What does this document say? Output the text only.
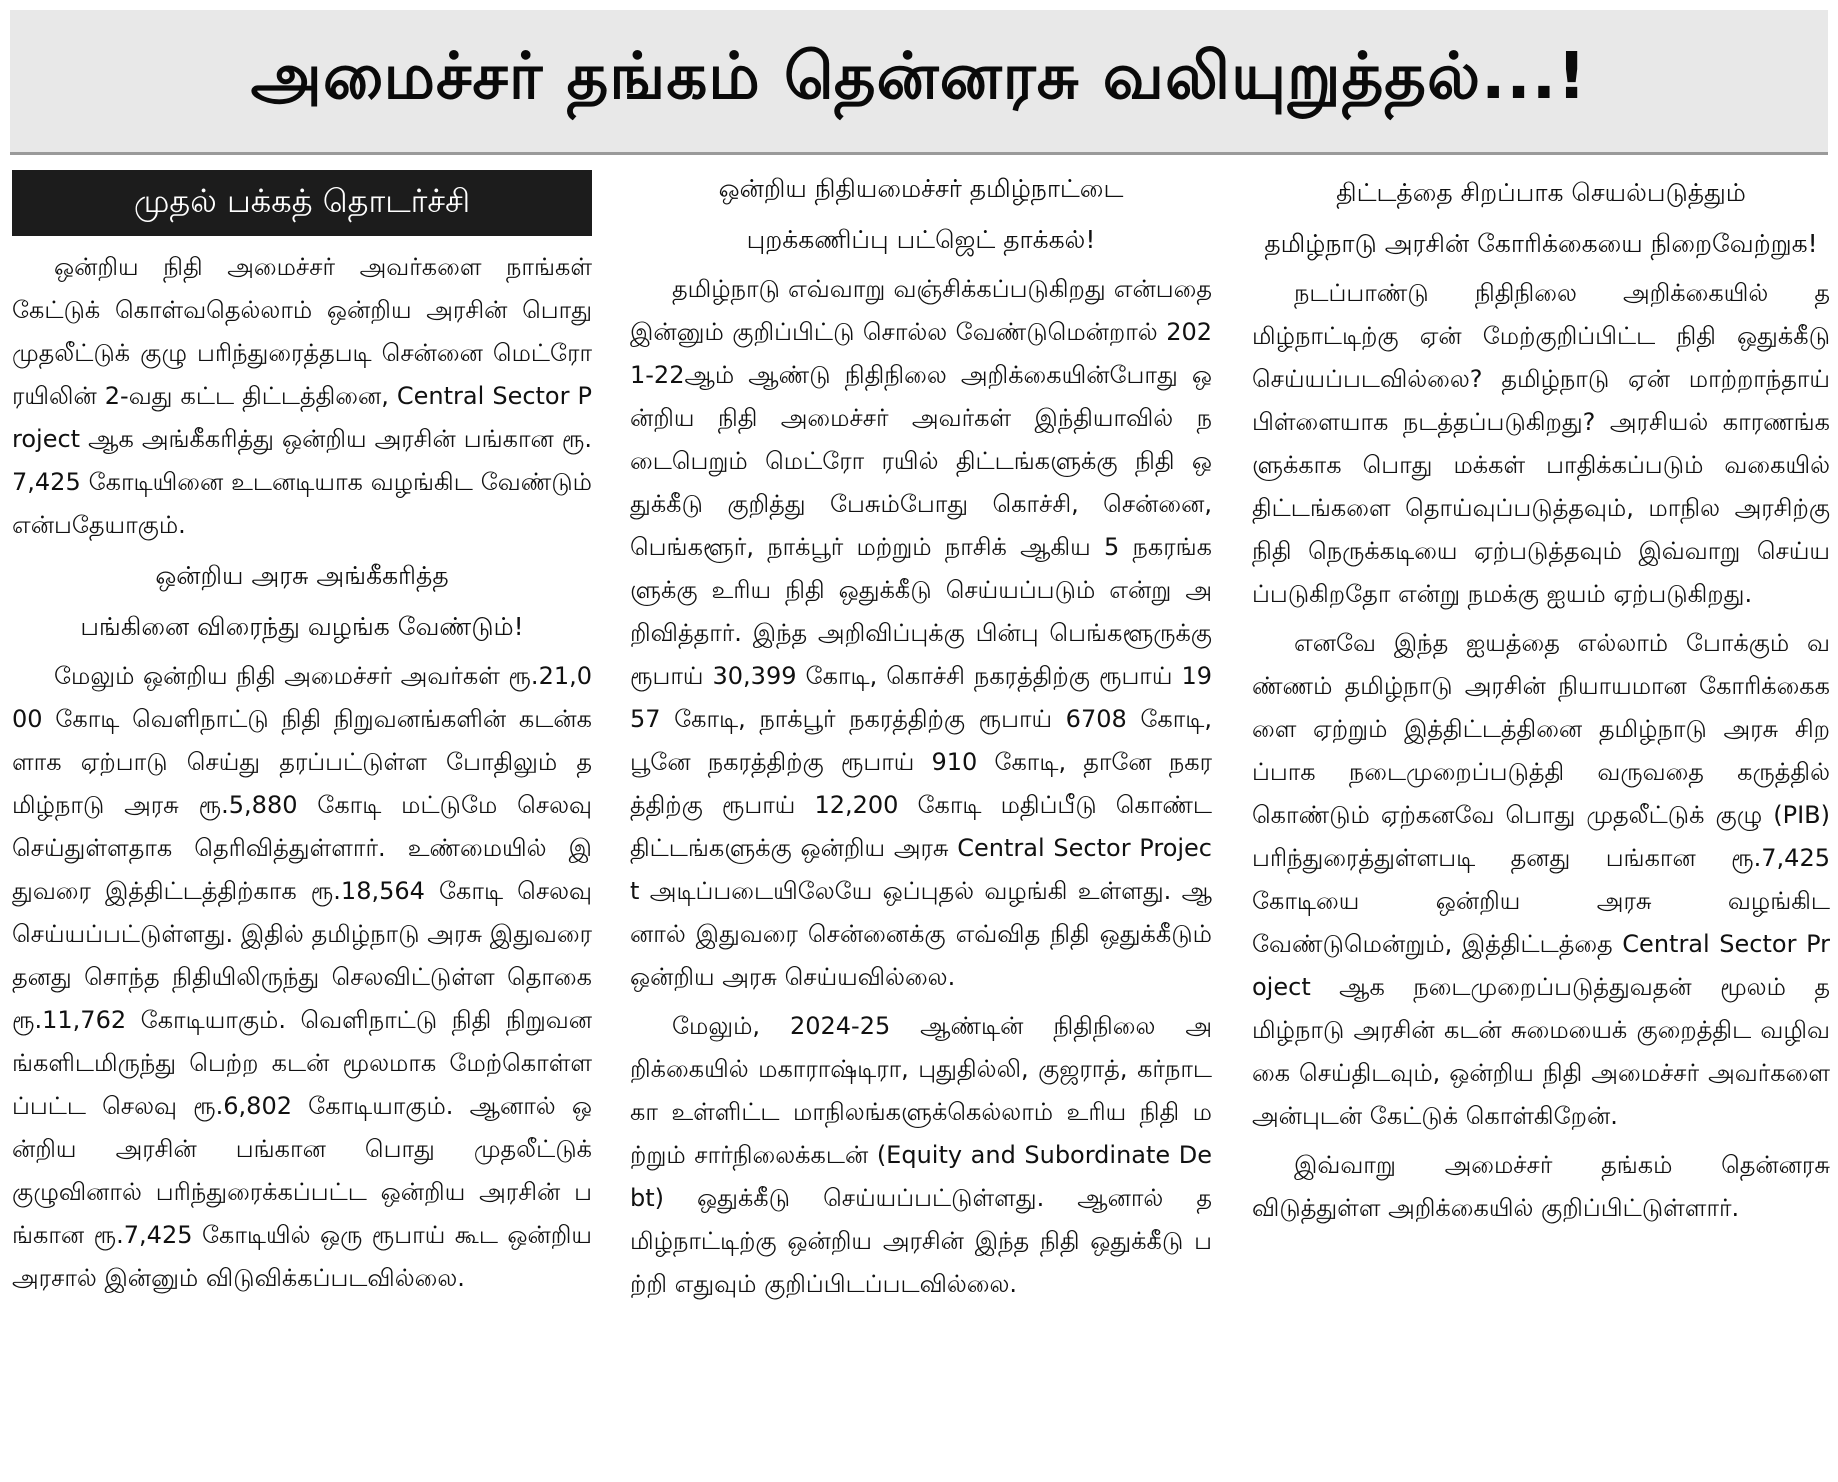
அமைச்சர் தங்கம் தென்னரசு வலியுறுத்தல்...!
முதல் பக்கத் தொடர்ச்சி

ஒன்றிய நிதி அமைச்சர் அவர்களை நாங்கள் கேட்டுக் கொள்வதெல்லாம் ஒன்றிய அரசின் பொது முதலீட்டுக் குழு பரிந்துரைத்தபடி சென்னை மெட்ரோ ரயிலின் 2-வது கட்ட திட்டத்தினை, Central Sector Project ஆக அங்கீகரித்து ஒன்றிய அரசின் பங்கான ரூ.7,425 கோடியினை உடனடியாக வழங்கிட வேண்டும் என்பதேயாகும்.

ஒன்றிய அரசு அங்கீகரித்த
பங்கினை விரைந்து வழங்க வேண்டும்!

மேலும் ஒன்றிய நிதி அமைச்சர் அவர்கள் ரூ.21,000 கோடி வெளிநாட்டு நிதி நிறுவனங்களின் கடன்களாக ஏற்பாடு செய்து தரப்பட்டுள்ள போதிலும் தமிழ்நாடு அரசு ரூ.5,880 கோடி மட்டுமே செலவு செய்துள்ளதாக தெரிவித்துள்ளார். உண்மையில் இதுவரை இத்திட்டத்திற்காக ரூ.18,564 கோடி செலவு செய்யப்பட்டுள்ளது. இதில் தமிழ்நாடு அரசு இதுவரை தனது சொந்த நிதியிலிருந்து செலவிட்டுள்ள தொகை ரூ.11,762 கோடியாகும். வெளிநாட்டு நிதி நிறுவனங்களிடமிருந்து பெற்ற கடன் மூலமாக மேற்கொள்ளப்பட்ட செலவு ரூ.6,802 கோடியாகும். ஆனால் ஒன்றிய அரசின் பங்கான பொது முதலீட்டுக் குழுவினால் பரிந்துரைக்கப்பட்ட ஒன்றிய அரசின் பங்கான ரூ.7,425 கோடியில் ஒரு ரூபாய் கூட ஒன்றிய அரசால் இன்னும் விடுவிக்கப்படவில்லை.

ஒன்றிய நிதியமைச்சர் தமிழ்நாட்டை
புறக்கணிப்பு பட்ஜெட் தாக்கல்!

தமிழ்நாடு எவ்வாறு வஞ்சிக்கப்படுகிறது என்பதை இன்னும் குறிப்பிட்டு சொல்ல வேண்டுமென்றால் 2021-22ஆம் ஆண்டு நிதிநிலை அறிக்கையின்போது ஒன்றிய நிதி அமைச்சர் அவர்கள் இந்தியாவில் நடைபெறும் மெட்ரோ ரயில் திட்டங்களுக்கு நிதி ஒதுக்கீடு குறித்து பேசும்போது கொச்சி, சென்னை, பெங்களூர், நாக்பூர் மற்றும் நாசிக் ஆகிய 5 நகரங்களுக்கு உரிய நிதி ஒதுக்கீடு செய்யப்படும் என்று அறிவித்தார். இந்த அறிவிப்புக்கு பின்பு பெங்களூருக்கு ரூபாய் 30,399 கோடி, கொச்சி நகரத்திற்கு ரூபாய் 1957 கோடி, நாக்பூர் நகரத்திற்கு ரூபாய் 6708 கோடி, பூனே நகரத்திற்கு ரூபாய் 910 கோடி, தானே நகரத்திற்கு ரூபாய் 12,200 கோடி மதிப்பீடு கொண்ட திட்டங்களுக்கு ஒன்றிய அரசு Central Sector Project அடிப்படையிலேயே ஒப்புதல் வழங்கி உள்ளது. ஆனால் இதுவரை சென்னைக்கு எவ்வித நிதி ஒதுக்கீடும் ஒன்றிய அரசு செய்யவில்லை.

மேலும், 2024-25 ஆண்டின் நிதிநிலை அறிக்கையில் மகாராஷ்டிரா, புதுதில்லி, குஜராத், கர்நாடகா உள்ளிட்ட மாநிலங்களுக்கெல்லாம் உரிய நிதி மற்றும் சார்நிலைக்கடன் (Equity and Subordinate Debt) ஒதுக்கீடு செய்யப்பட்டுள்ளது. ஆனால் தமிழ்நாட்டிற்கு ஒன்றிய அரசின் இந்த நிதி ஒதுக்கீடு பற்றி எதுவும் குறிப்பிடப்படவில்லை.

திட்டத்தை சிறப்பாக செயல்படுத்தும்
தமிழ்நாடு அரசின் கோரிக்கையை நிறைவேற்றுக!

நடப்பாண்டு நிதிநிலை அறிக்கையில் தமிழ்நாட்டிற்கு ஏன் மேற்குறிப்பிட்ட நிதி ஒதுக்கீடு செய்யப்படவில்லை? தமிழ்நாடு ஏன் மாற்றாந்தாய் பிள்ளையாக நடத்தப்படுகிறது? அரசியல் காரணங்களுக்காக பொது மக்கள் பாதிக்கப்படும் வகையில் திட்டங்களை தொய்வுப்படுத்தவும், மாநில அரசிற்கு நிதி நெருக்கடியை ஏற்படுத்தவும் இவ்வாறு செய்யப்படுகிறதோ என்று நமக்கு ஐயம் ஏற்படுகிறது.

எனவே இந்த ஐயத்தை எல்லாம் போக்கும் வண்ணம் தமிழ்நாடு அரசின் நியாயமான கோரிக்கைகளை ஏற்றும் இத்திட்டத்தினை தமிழ்நாடு அரசு சிறப்பாக நடைமுறைப்படுத்தி வருவதை கருத்தில் கொண்டும் ஏற்கனவே பொது முதலீட்டுக் குழு (PIB) பரிந்துரைத்துள்ளபடி தனது பங்கான ரூ.7,425 கோடியை ஒன்றிய அரசு வழங்கிட வேண்டுமென்றும், இத்திட்டத்தை Central Sector Project ஆக நடைமுறைப்படுத்துவதன் மூலம் தமிழ்நாடு அரசின் கடன் சுமையைக் குறைத்திட வழிவகை செய்திடவும், ஒன்றிய நிதி அமைச்சர் அவர்களை அன்புடன் கேட்டுக் கொள்கிறேன்.

இவ்வாறு அமைச்சர் தங்கம் தென்னரசு விடுத்துள்ள அறிக்கையில் குறிப்பிட்டுள்ளார்.
